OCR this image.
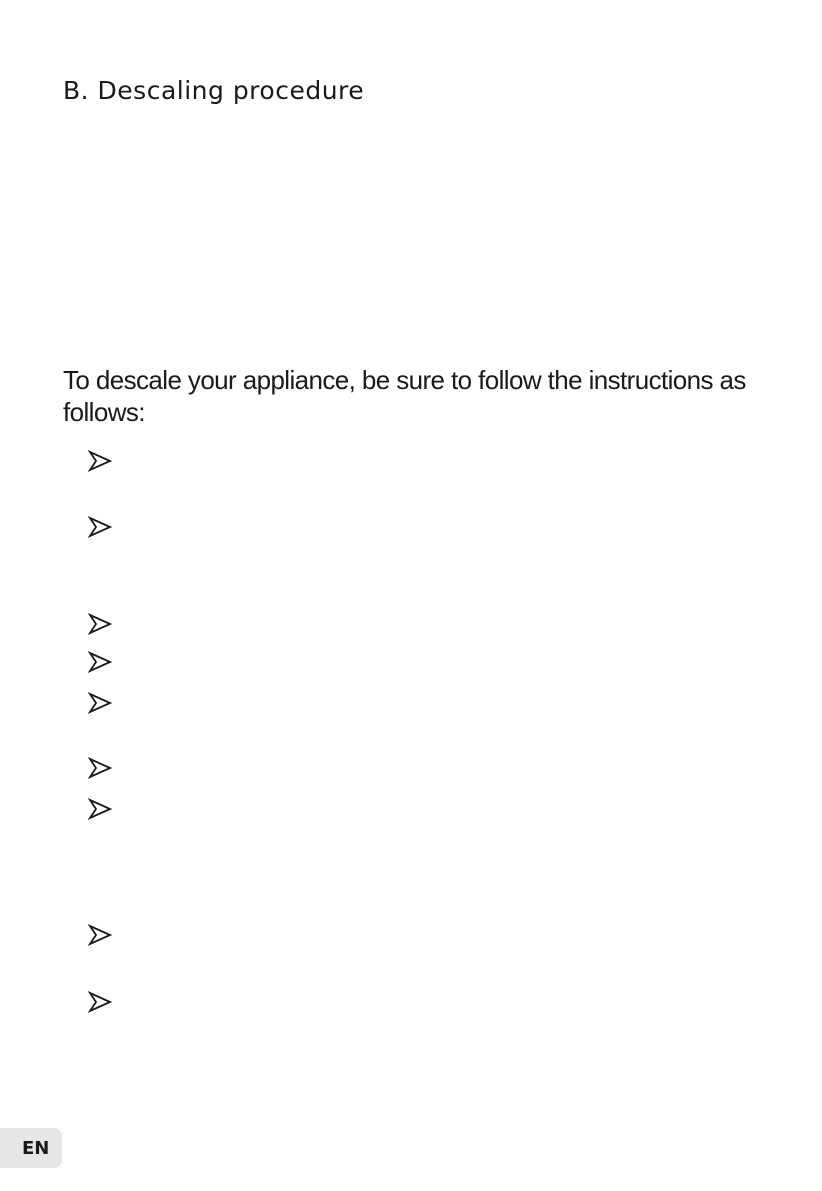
B. Descaling procedure
To descale your appliance, be sure to follow the instructions as follows:
EN
